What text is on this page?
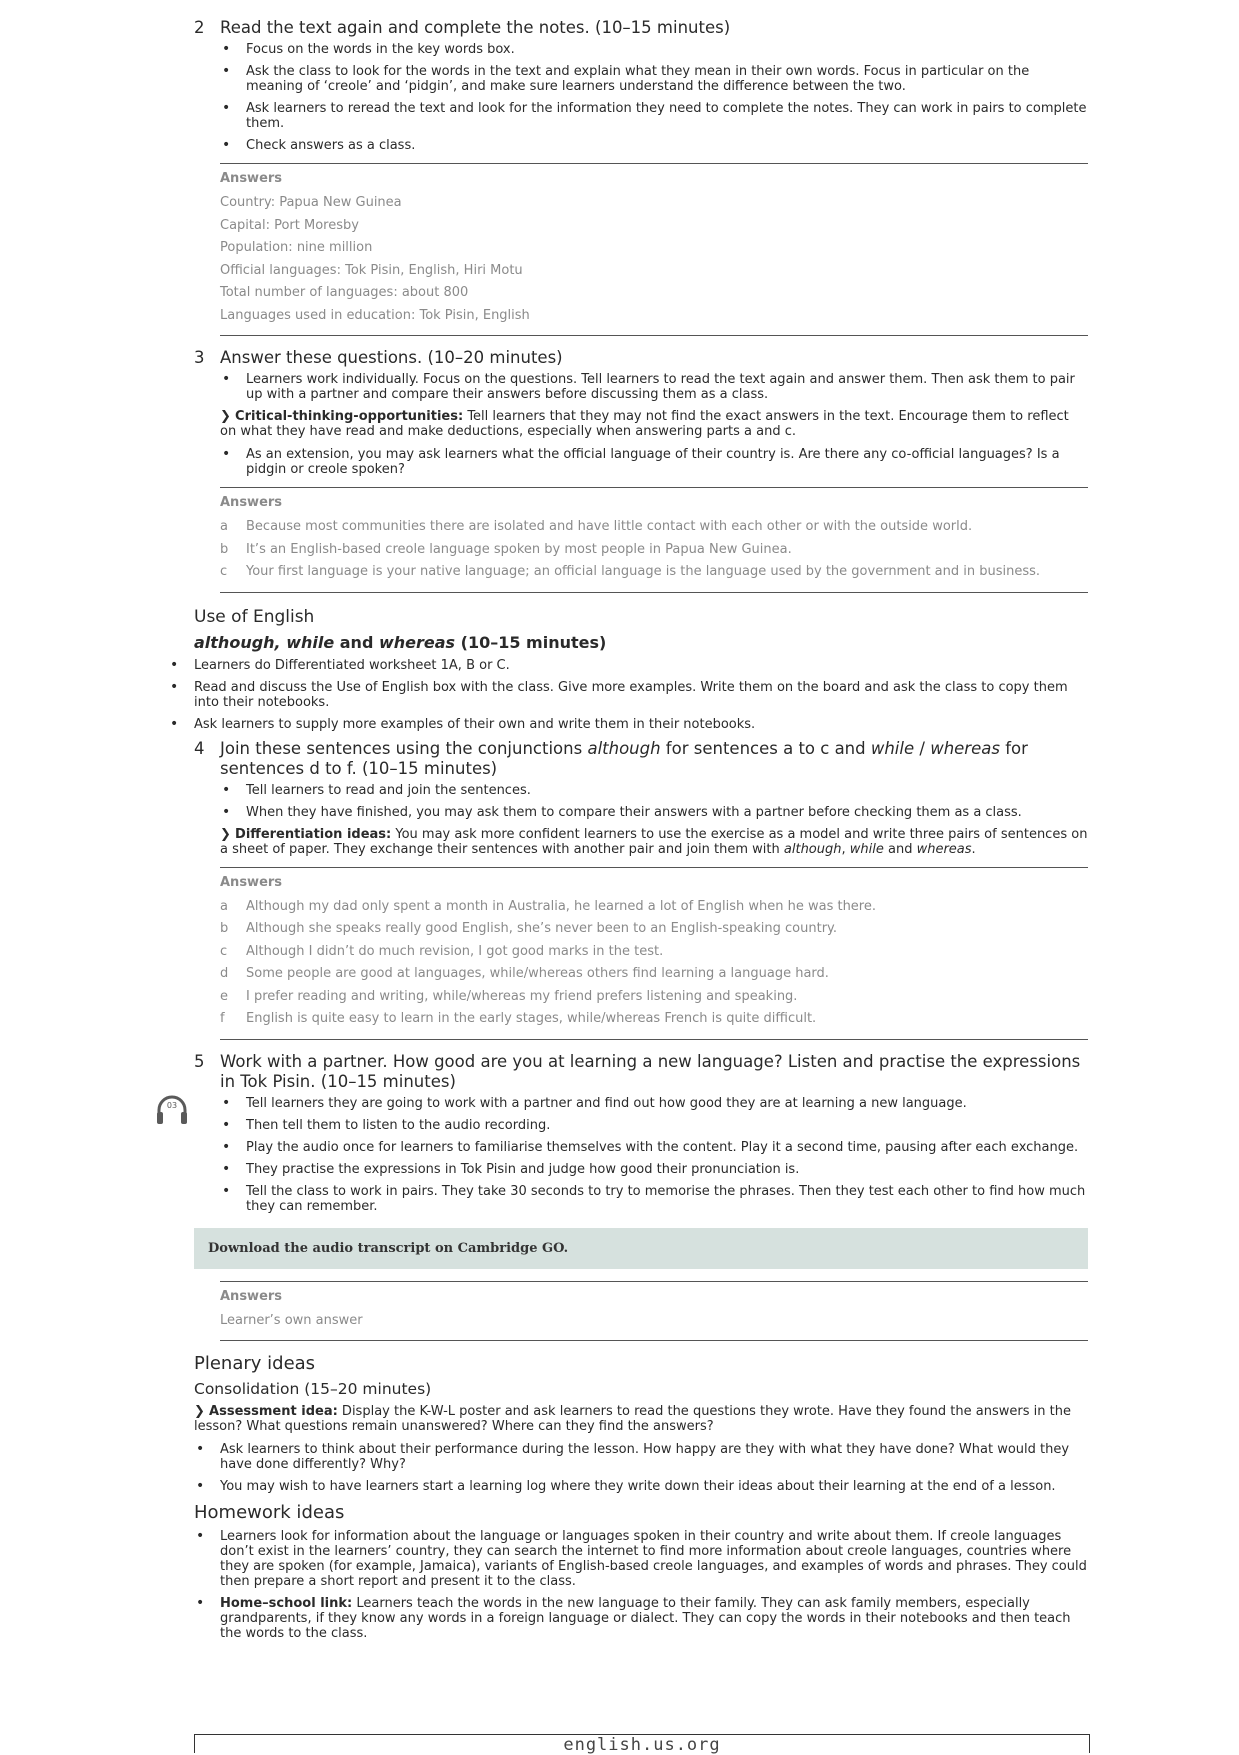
2 Read the text again and complete the notes. (10–15 minutes)
• Focus on the words in the key words box.
• Ask the class to look for the words in the text and explain what they mean in their own words. Focus in particular on the meaning of ‘creole’ and ‘pidgin’, and make sure learners understand the difference between the two.
• Ask learners to reread the text and look for the information they need to complete the notes. They can work in pairs to complete them.
• Check answers as a class.
Answers
Country: Papua New Guinea
Capital: Port Moresby
Population: nine million
Official languages: Tok Pisin, English, Hiri Motu
Total number of languages: about 800
Languages used in education: Tok Pisin, English
3 Answer these questions. (10–20 minutes)
• Learners work individually. Focus on the questions. Tell learners to read the text again and answer them. Then ask them to pair up with a partner and compare their answers before discussing them as a class.
❯ Critical-thinking-opportunities: Tell learners that they may not find the exact answers in the text. Encourage them to reflect on what they have read and make deductions, especially when answering parts a and c.
• As an extension, you may ask learners what the official language of their country is. Are there any co-official languages? Is a pidgin or creole spoken?
Answers
a	Because most communities there are isolated and have little contact with each other or with the outside world.
b	It’s an English-based creole language spoken by most people in Papua New Guinea.
c	Your first language is your native language; an official language is the language used by the government and in business.
Use of English
although, while and whereas (10–15 minutes)
• Learners do Differentiated worksheet 1A, B or C.
• Read and discuss the Use of English box with the class. Give more examples. Write them on the board and ask the class to copy them into their notebooks.
• Ask learners to supply more examples of their own and write them in their notebooks.
4 Join these sentences using the conjunctions although for sentences a to c and while / whereas for sentences d to f. (10–15 minutes)
• Tell learners to read and join the sentences.
• When they have finished, you may ask them to compare their answers with a partner before checking them as a class.
❯ Differentiation ideas: You may ask more confident learners to use the exercise as a model and write three pairs of sentences on a sheet of paper. They exchange their sentences with another pair and join them with although, while and whereas.
Answers
a	Although my dad only spent a month in Australia, he learned a lot of English when he was there.
b	Although she speaks really good English, she’s never been to an English-speaking country.
c	Although I didn’t do much revision, I got good marks in the test.
d	Some people are good at languages, while/whereas others find learning a language hard.
e	I prefer reading and writing, while/whereas my friend prefers listening and speaking.
f	English is quite easy to learn in the early stages, while/whereas French is quite difficult.
5 Work with a partner. How good are you at learning a new language? Listen and practise the expressions in Tok Pisin. (10–15 minutes)
• Tell learners they are going to work with a partner and find out how good they are at learning a new language.
• Then tell them to listen to the audio recording.
• Play the audio once for learners to familiarise themselves with the content. Play it a second time, pausing after each exchange.
• They practise the expressions in Tok Pisin and judge how good their pronunciation is.
• Tell the class to work in pairs. They take 30 seconds to try to memorise the phrases. Then they test each other to find how much they can remember.
Download the audio transcript on Cambridge GO.
Answers
Learner’s own answer
Plenary ideas
Consolidation (15–20 minutes)
❯ Assessment idea: Display the K-W-L poster and ask learners to read the questions they wrote. Have they found the answers in the lesson? What questions remain unanswered? Where can they find the answers?
• Ask learners to think about their performance during the lesson. How happy are they with what they have done? What would they have done differently? Why?
• You may wish to have learners start a learning log where they write down their ideas about their learning at the end of a lesson.
Homework ideas
• Learners look for information about the language or languages spoken in their country and write about them. If creole languages don’t exist in the learners’ country, they can search the internet to find more information about creole languages, countries where they are spoken (for example, Jamaica), variants of English-based creole languages, and examples of words and phrases. They could then prepare a short report and present it to the class.
• Home–school link: Learners teach the words in the new language to their family. They can ask family members, especially grandparents, if they know any words in a foreign language or dialect. They can copy the words in their notebooks and then teach the words to the class.
03
english.us.org
